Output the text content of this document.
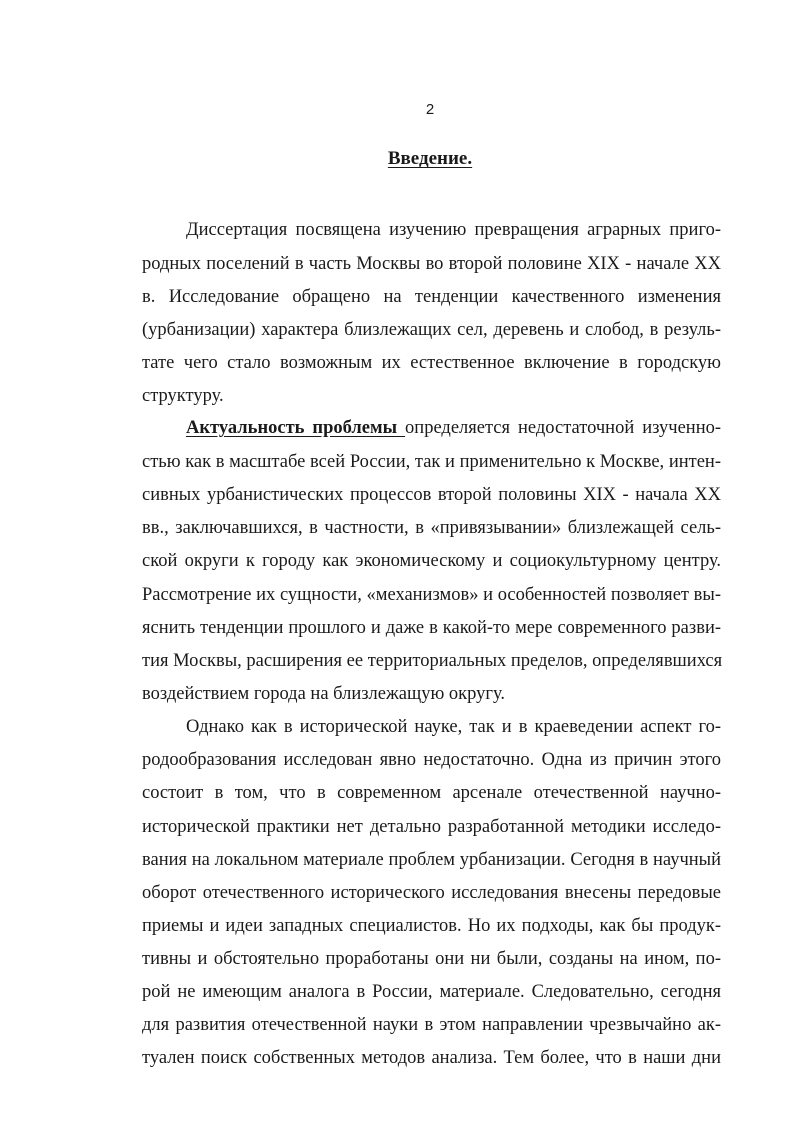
2
Введение.
Диссертация посвящена изучению превращения аграрных приго-
родных поселений в часть Москвы во второй половине XIX - начале XX
в. Исследование обращено на тенденции качественного изменения
(урбанизации) характера близлежащих сел, деревень и слобод, в резуль-
тате чего стало возможным их естественное включение в городскую
структуру.
Актуальность проблемы определяется недостаточной изученно-
стью как в масштабе всей России, так и применительно к Москве, интен-
сивных урбанистических процессов второй половины XIX - начала XX
вв., заключавшихся, в частности, в «привязывании» близлежащей сель-
ской округи к городу как экономическому и социокультурному центру.
Рассмотрение их сущности, «механизмов» и особенностей позволяет вы-
яснить тенденции прошлого и даже в какой-то мере современного разви-
тия Москвы, расширения ее территориальных пределов, определявшихся
воздействием города на близлежащую округу.
Однако как в исторической науке, так и в краеведении аспект го-
родообразования исследован явно недостаточно. Одна из причин этого
состоит в том, что в современном арсенале отечественной научно-
исторической практики нет детально разработанной методики исследо-
вания на локальном материале проблем урбанизации. Сегодня в научный
оборот отечественного исторического исследования внесены передовые
приемы и идеи западных специалистов. Но их подходы, как бы продук-
тивны и обстоятельно проработаны они ни были, созданы на ином, по-
рой не имеющим аналога в России, материале. Следовательно, сегодня
для развития отечественной науки в этом направлении чрезвычайно ак-
туален поиск собственных методов анализа. Тем более, что в наши дни
